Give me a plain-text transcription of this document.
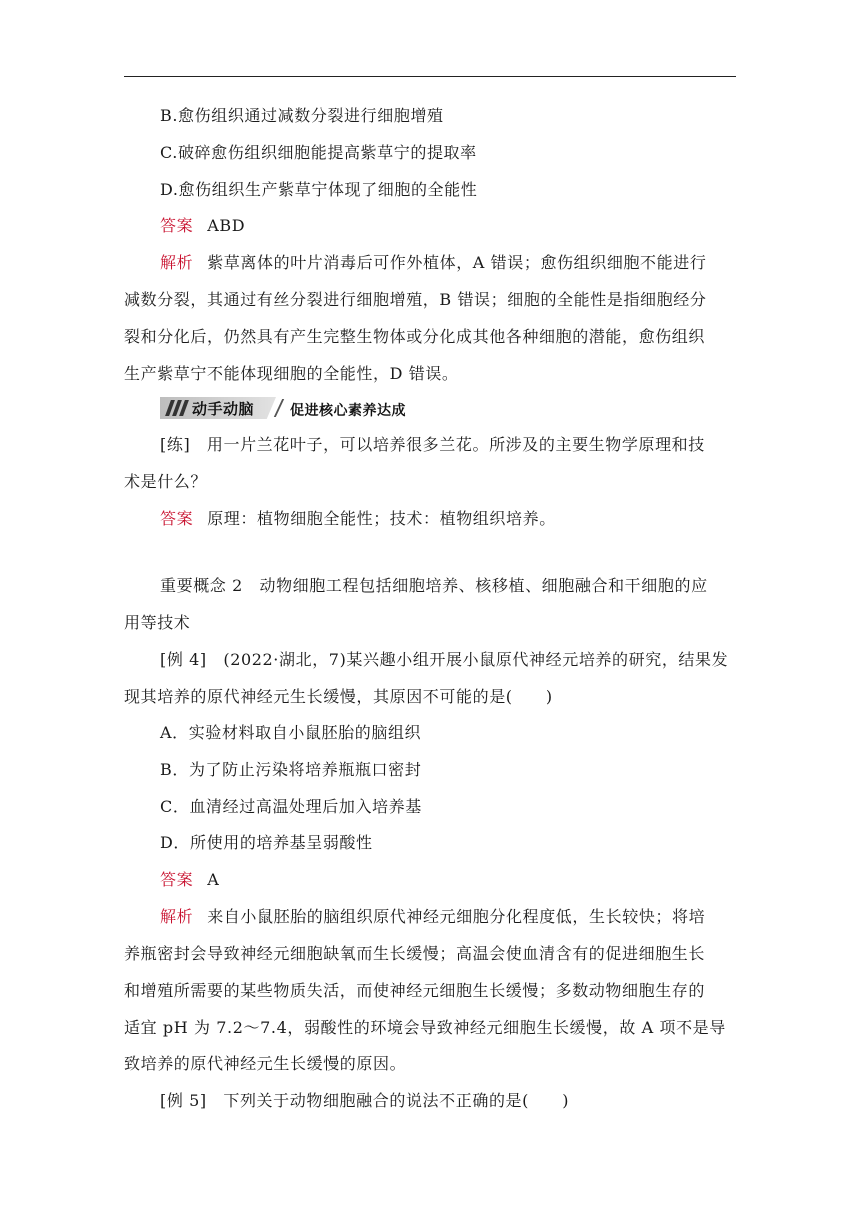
B.愈伤组织通过减数分裂进行细胞增殖
C.破碎愈伤组织细胞能提高紫草宁的提取率
D.愈伤组织生产紫草宁体现了细胞的全能性
答案 ABD
解析 紫草离体的叶片消毒后可作外植体，A 错误；愈伤组织细胞不能进行
减数分裂，其通过有丝分裂进行细胞增殖，B 错误；细胞的全能性是指细胞经分
裂和分化后，仍然具有产生完整生物体或分化成其他各种细胞的潜能，愈伤组织
生产紫草宁不能体现细胞的全能性，D 错误。
动手动脑	促进核心素养达成
[练]　用一片兰花叶子，可以培养很多兰花。所涉及的主要生物学原理和技
术是什么？
答案 原理：植物细胞全能性；技术：植物组织培养。
重要概念 2　动物细胞工程包括细胞培养、核移植、细胞融合和干细胞的应
用等技术
[例 4]　(2022·湖北，7)某兴趣小组开展小鼠原代神经元培养的研究，结果发
现其培养的原代神经元生长缓慢，其原因不可能的是(　　)
A．实验材料取自小鼠胚胎的脑组织
B．为了防止污染将培养瓶瓶口密封
C．血清经过高温处理后加入培养基
D．所使用的培养基呈弱酸性
答案 A
解析 来自小鼠胚胎的脑组织原代神经元细胞分化程度低，生长较快；将培
养瓶密封会导致神经元细胞缺氧而生长缓慢；高温会使血清含有的促进细胞生长
和增殖所需要的某些物质失活，而使神经元细胞生长缓慢；多数动物细胞生存的
适宜 pH 为 7.2～7.4，弱酸性的环境会导致神经元细胞生长缓慢，故 A 项不是导
致培养的原代神经元生长缓慢的原因。
[例 5]　下列关于动物细胞融合的说法不正确的是(　　)
